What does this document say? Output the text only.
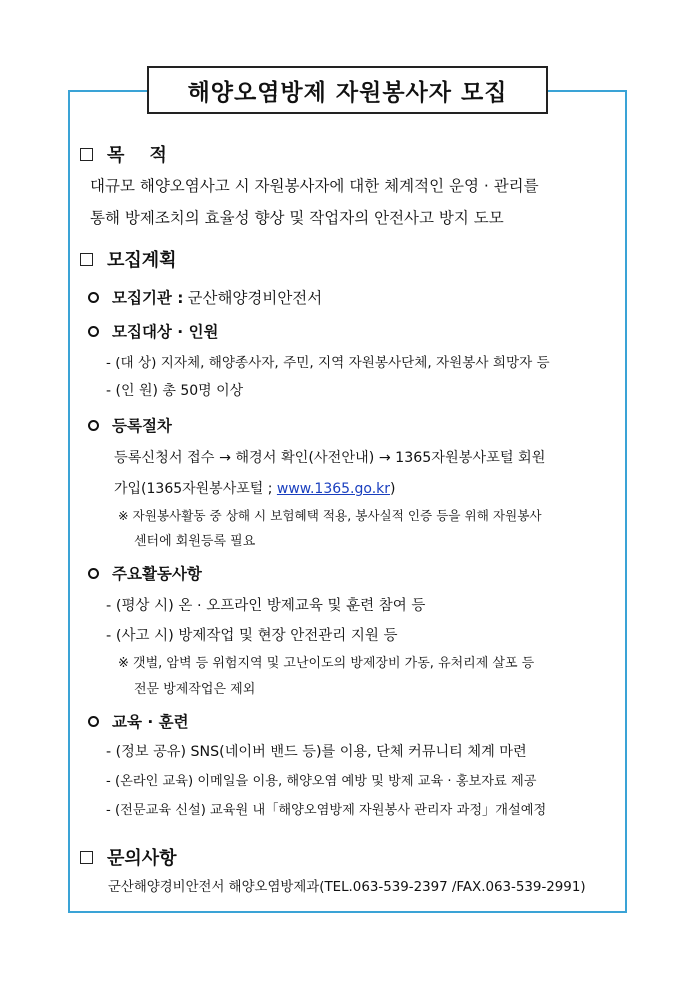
해양오염방제 자원봉사자 모집
목    적
대규모 해양오염사고 시 자원봉사자에 대한 체계적인 운영 · 관리를
통해 방제조치의 효율성 향상 및 작업자의 안전사고 방지 도모
모집계획
모집기관 : 군산해양경비안전서
모집대상 · 인원
- (대 상) 지자체, 해양종사자, 주민, 지역 자원봉사단체, 자원봉사 희망자 등
- (인 원) 총 50명 이상
등록절차
등록신청서 접수 → 해경서 확인(사전안내) → 1365자원봉사포털 회원
가입(1365자원봉사포털 ; www.1365.go.kr)
※ 자원봉사활동 중 상해 시 보험혜택 적용, 봉사실적 인증 등을 위해 자원봉사
센터에 회원등록 필요
주요활동사항
- (평상 시) 온 · 오프라인 방제교육 및 훈련 참여 등
- (사고 시) 방제작업 및 현장 안전관리 지원 등
※ 갯벌, 암벽 등 위험지역 및 고난이도의 방제장비 가동, 유처리제 살포 등
전문 방제작업은 제외
교육 · 훈련
- (정보 공유) SNS(네이버 밴드 등)를 이용, 단체 커뮤니티 체계 마련
- (온라인 교육) 이메일을 이용, 해양오염 예방 및 방제 교육 · 홍보자료 제공
- (전문교육 신설) 교육원 내「해양오염방제 자원봉사 관리자 과정」개설예정
문의사항
군산해양경비안전서 해양오염방제과(TEL.063-539-2397 /FAX.063-539-2991)
